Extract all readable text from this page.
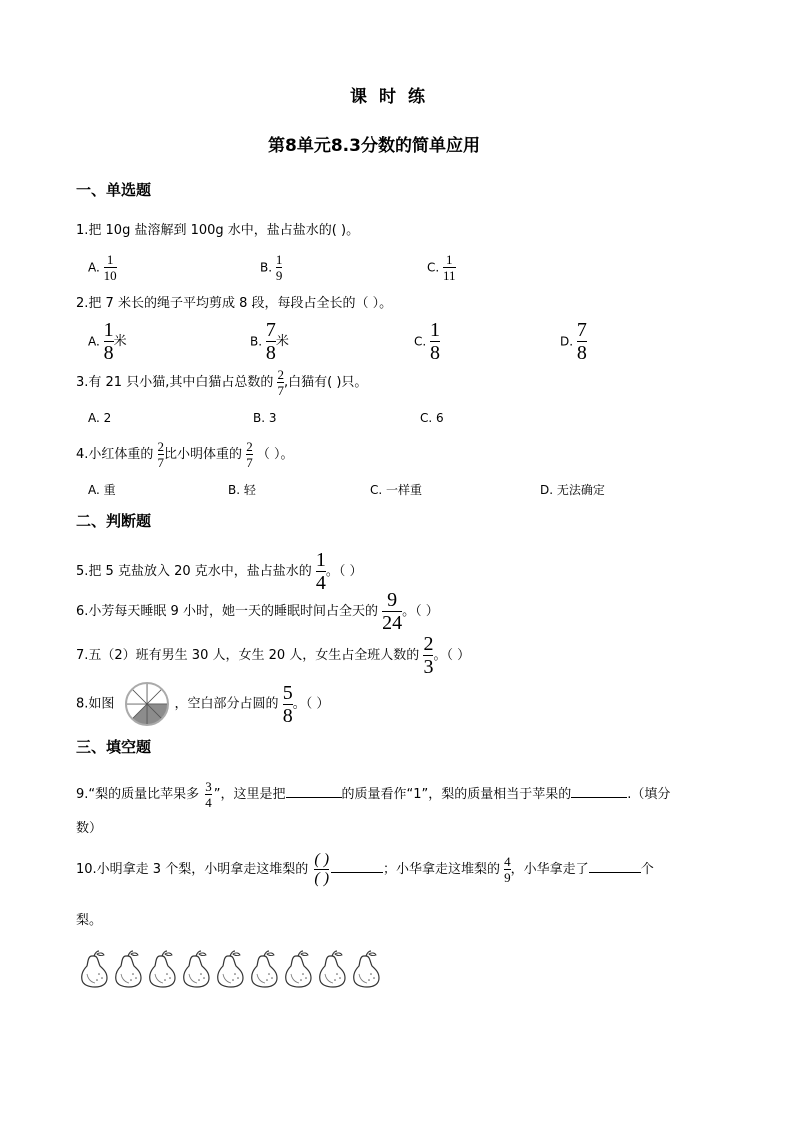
课时练
第8单元8.3分数的简单应用
一、单选题
1.把 10g 盐溶解到 100g 水中，盐占盐水的( )。
A. $\frac{1}{10}$	B. $\frac{1}{9}$	C. $\frac{1}{11}$
2.把 7 米长的绳子平均剪成 8 段，每段占全长的（ ）。
A. $\frac{1}{8}$ 米	B. $\frac{7}{8}$ 米	C. $\frac{1}{8}$	D. $\frac{7}{8}$
3.有 21 只小猫,其中白猫占总数的 $\frac{2}{7}$ ,白猫有( )只。
A. 2	B. 3	C. 6
4.小红体重的 $\frac{2}{7}$ 比小明体重的 $\frac{2}{7}$ （ ）。
A. 重	B. 轻	C. 一样重	D. 无法确定
二、判断题
5.把 5 克盐放入 20 克水中，盐占盐水的 $\frac{1}{4}$ 。（ ）
6.小芳每天睡眠 9 小时，她一天的睡眠时间占全天的 $\frac{9}{24}$ 。（ ）
7.五（2）班有男生 30 人，女生 20 人，女生占全班人数的 $\frac{2}{3}$ 。（ ）
8.如图	，空白部分占圆的 $\frac{5}{8}$ 。（ ）
三、填空题
9.“梨的质量比苹果多 $\frac{3}{4}$ ”，这里是把	的质量看作“1”，梨的质量相当于苹果的	.（填分
数）
10.小明拿走 3 个梨，小明拿走这堆梨的 $\frac{( )}{( )}$	；小华拿走这堆梨的 $\frac{4}{9}$ ，小华拿走了	个
梨。
